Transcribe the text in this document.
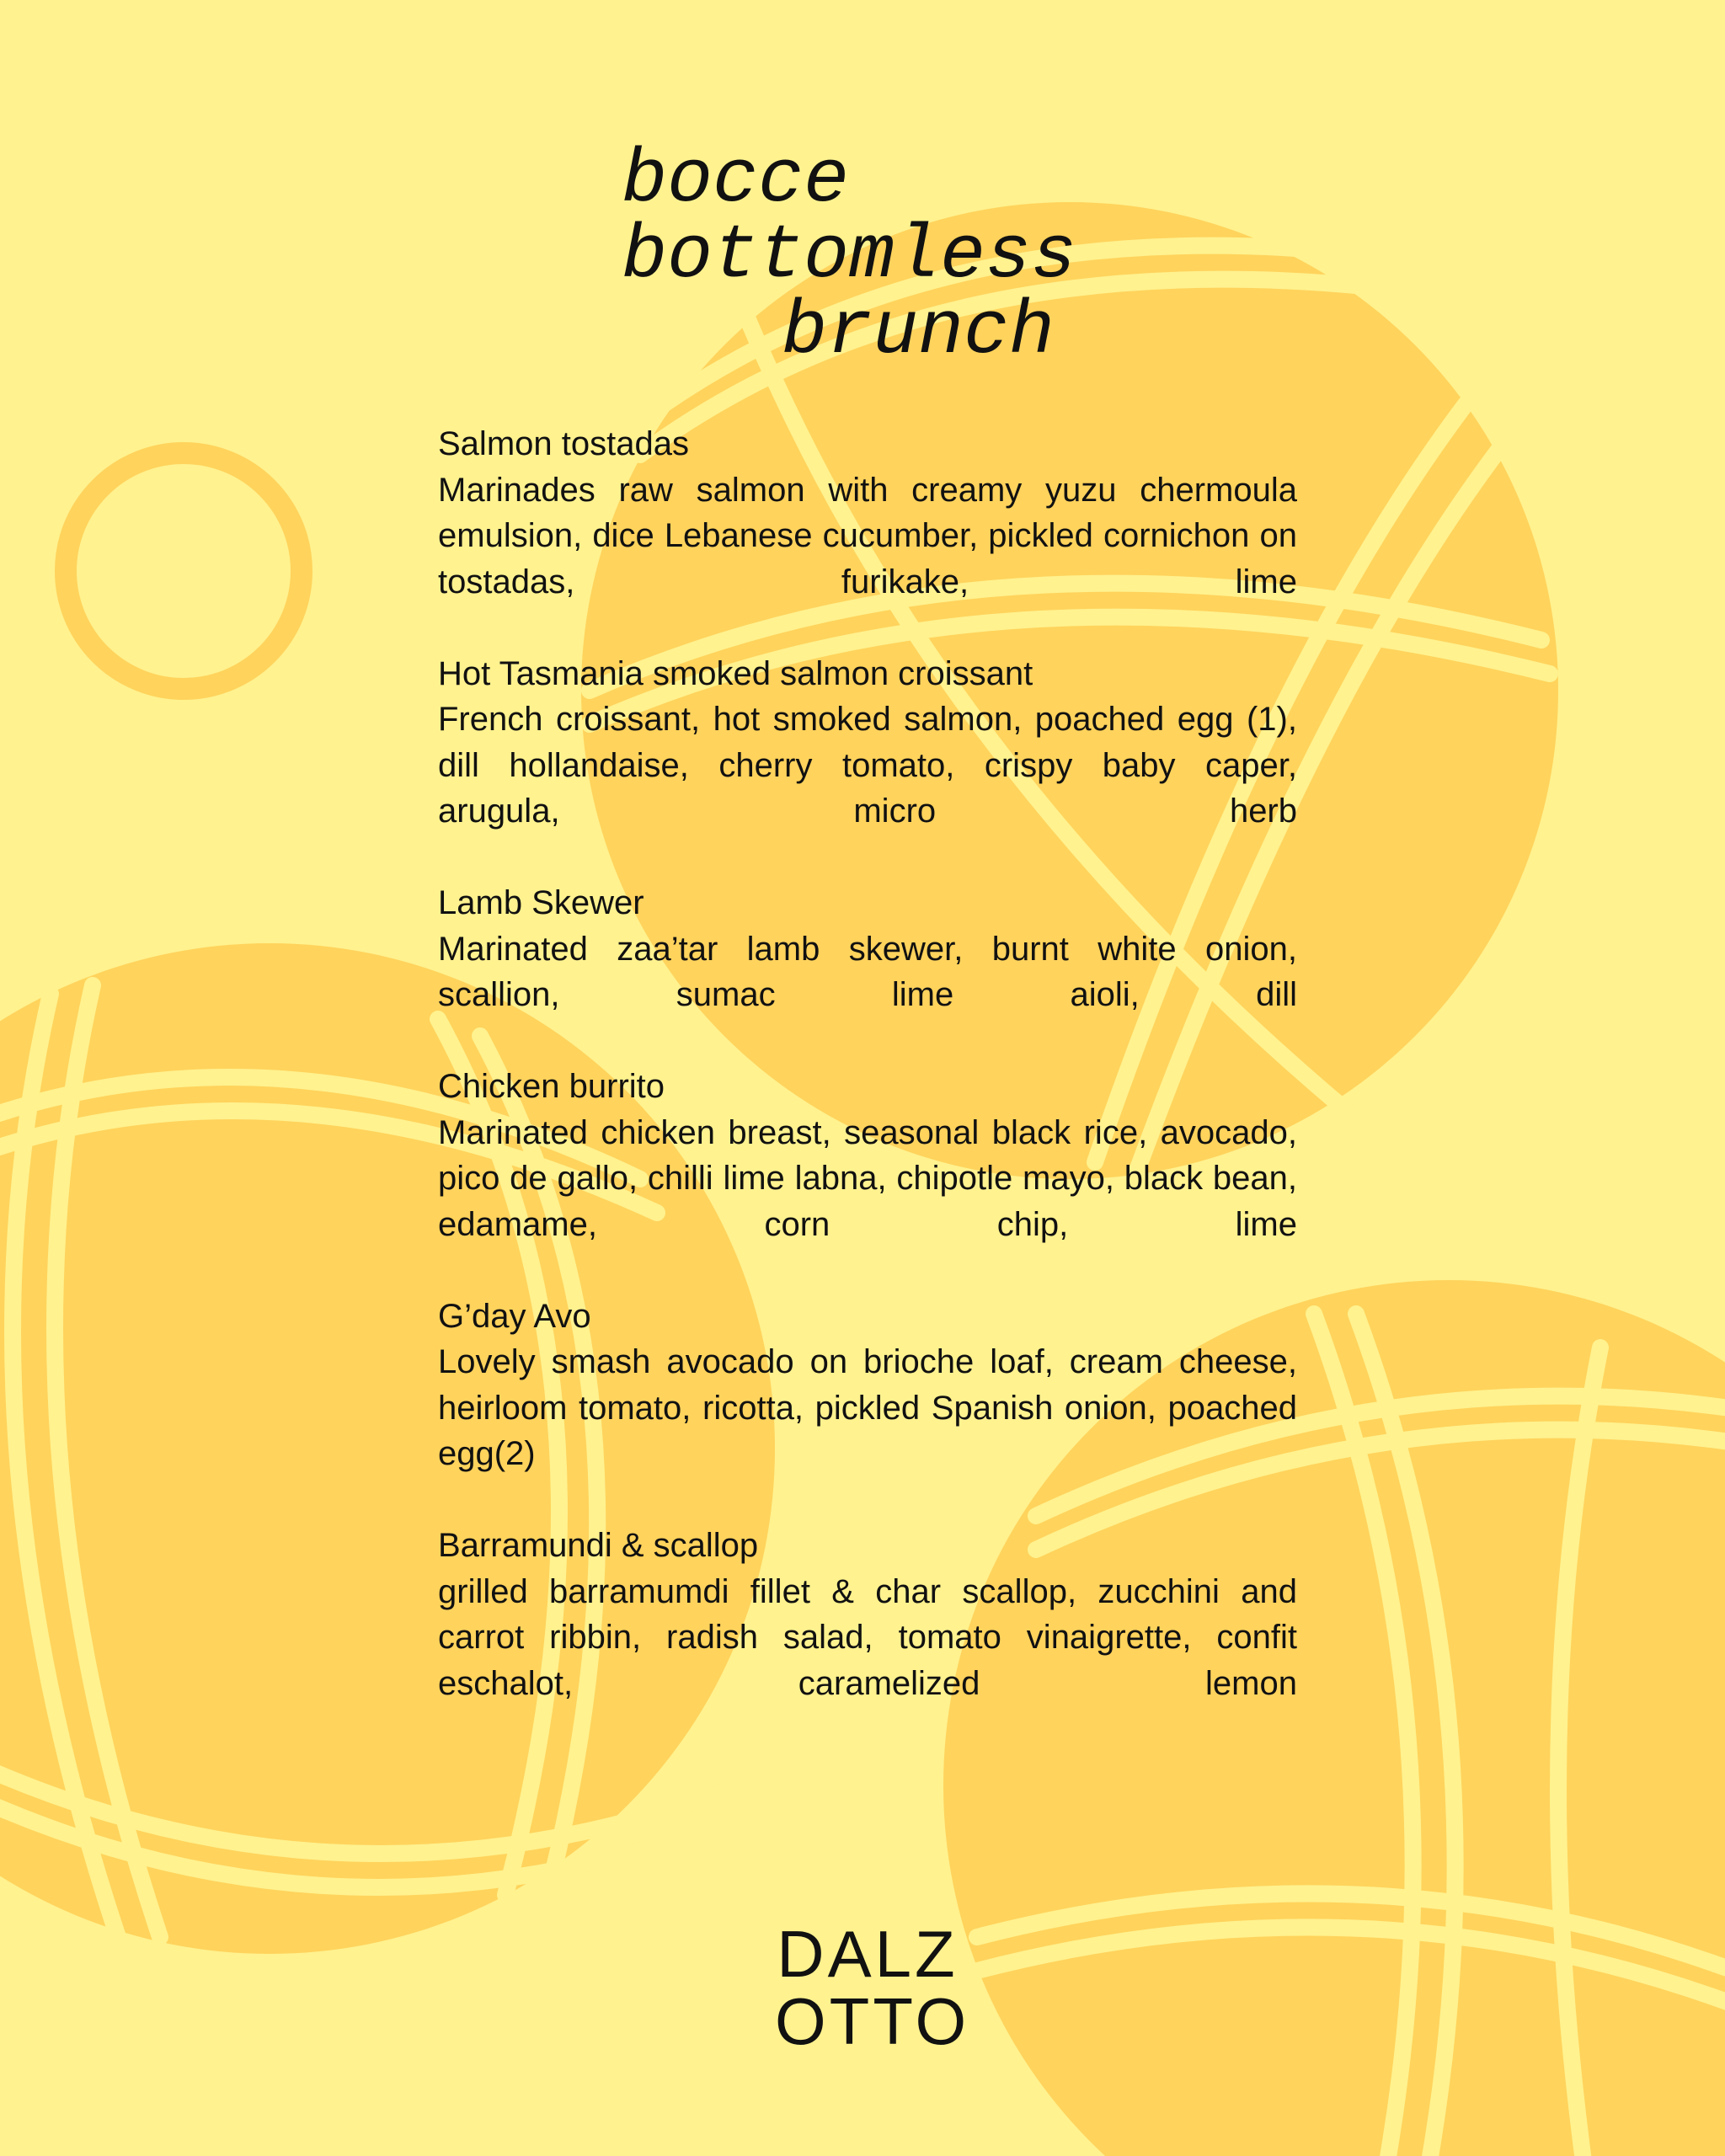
bocce
bottomless
brunch
Salmon tostadas
Marinades raw salmon with creamy yuzu chermoula emulsion, dice Lebanese cucumber, pickled cornichon on tostadas, furikake, lime
Hot Tasmania smoked salmon croissant
French croissant, hot smoked salmon, poached egg (1), dill hollandaise, cherry tomato, crispy baby caper, arugula, micro herb
Lamb Skewer
Marinated zaa’tar lamb skewer, burnt white onion, scallion, sumac lime aioli, dill
Chicken burrito
Marinated chicken breast, seasonal black rice, avocado, pico de gallo, chilli lime labna, chipotle mayo, black bean, edamame, corn chip, lime
G’day Avo
Lovely smash avocado on brioche loaf, cream cheese, heirloom tomato, ricotta, pickled Spanish onion, poached egg(2)
Barramundi & scallop
grilled barramumdi fillet & char scallop, zucchini and carrot ribbin, radish salad, tomato vinaigrette, confit eschalot, caramelized lemon
DALZ
OTTO
